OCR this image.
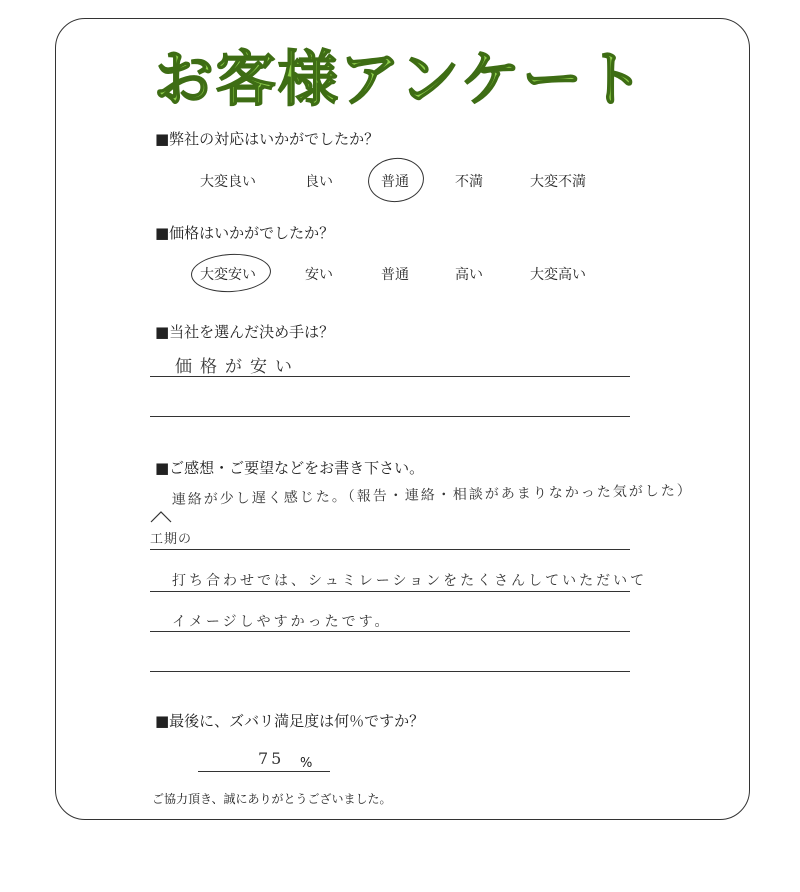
お客様アンケート
■弊社の対応はいかがでしたか？
大変良い	良い	普通	不満	大変不満
■価格はいかがでしたか？
大変安い	安い	普通	高い	大変高い
■当社を選んだ決め手は？
価格が安い
■ご感想・ご要望などをお書き下さい。
連絡が少し遅く感じた。（報告・連絡・相談があまりなかった気がした）
工期の
打ち合わせでは、シュミレーションをたくさんしていただいて
イメージしやすかったです。
■最後に、ズバリ満足度は何％ですか？
75 %
ご協力頂き、誠にありがとうございました。
